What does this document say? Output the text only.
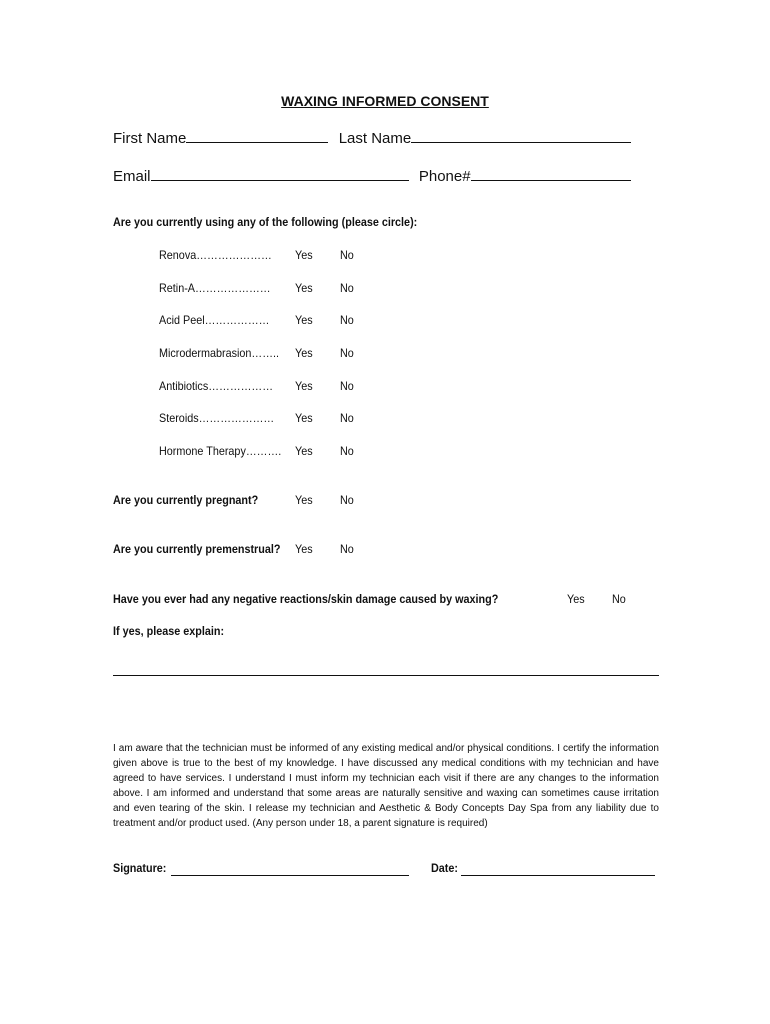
WAXING INFORMED CONSENT
First Name	Last Name
Email	Phone#
Are you currently using any of the following (please circle):
Renova………………… Yes No
Retin-A………………… Yes No
Acid Peel……………… Yes No
Microdermabrasion…….. Yes No
Antibiotics……………… Yes No
Steroids………………… Yes No
Hormone Therapy………. Yes No
Are you currently pregnant?	Yes No
Are you currently premenstrual? Yes No
Have you ever had any negative reactions/skin damage caused by waxing?	Yes No
If yes, please explain:
I am aware that the technician must be informed of any existing medical and/or physical conditions. I certify the information given above is true to the best of my knowledge. I have discussed any medical conditions with my technician and have agreed to have services. I understand I must inform my technician each visit if there are any changes to the information above. I am informed and understand that some areas are naturally sensitive and waxing can sometimes cause irritation and even tearing of the skin. I release my technician and Aesthetic & Body Concepts Day Spa from any liability due to treatment and/or product used. (Any person under 18, a parent signature is required)
Signature:	Date:
